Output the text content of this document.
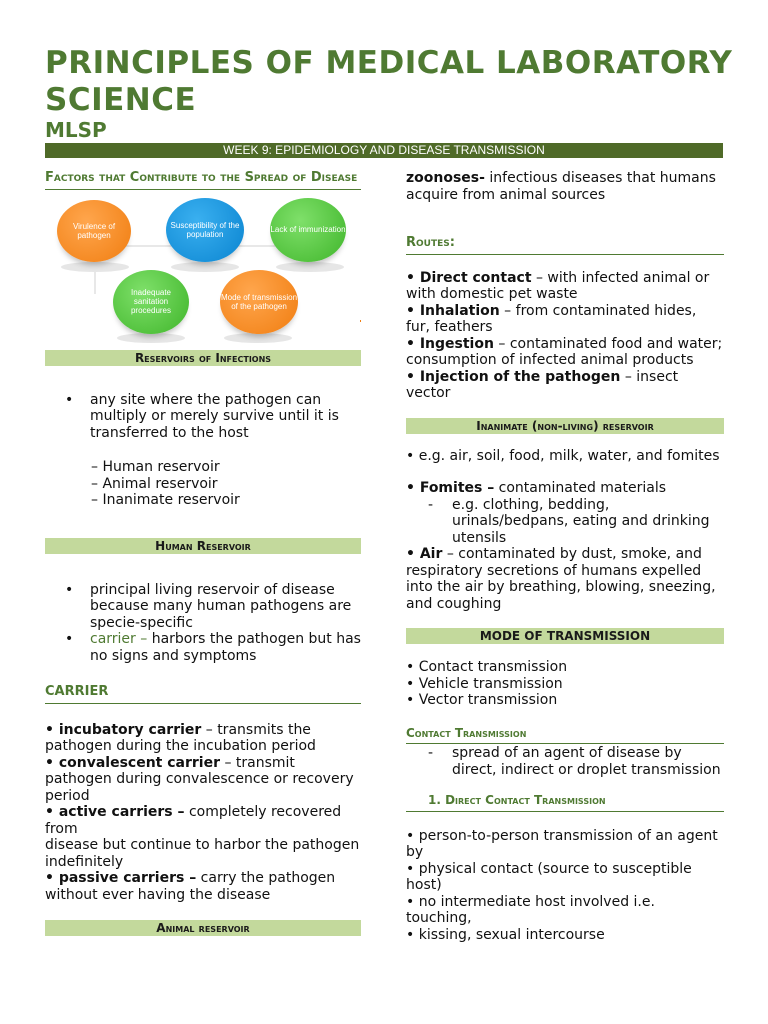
PRINCIPLES OF MEDICAL LABORATORY
SCIENCE
MLSP
WEEK 9: EPIDEMIOLOGY AND DISEASE TRANSMISSION
Factors that Contribute to the Spread of Disease
Virulence of pathogen
Susceptibility of the population	Lack of immunization
Inadequate sanitation procedures
Mode of transmission of the pathogen
Reservoirs of Infections

• any site where the pathogen can multiply or merely survive until it is transferred to the host

– Human reservoir

– Animal reservoir

– Inanimate reservoir

Human Reservoir

• principal living reservoir of disease because many human pathogens are specie-specific

• carrier – harbors the pathogen but has no signs and symptoms

CARRIER

• incubatory carrier – transmits the pathogen during the incubation period

• convalescent carrier – transmit pathogen during convalescence or recovery period

• active carriers – completely recovered from

disease but continue to harbor the pathogen indefinitely

• passive carriers – carry the pathogen without ever having the disease

Animal reservoir

zoonoses- infectious diseases that humans acquire from animal sources

Routes:

• Direct contact – with infected animal or with domestic pet waste

• Inhalation – from contaminated hides, fur, feathers

• Ingestion – contaminated food and water; consumption of infected animal products

• Injection of the pathogen – insect vector

Inanimate (non-living) reservoir

• e.g. air, soil, food, milk, water, and fomites

• Fomites – contaminated materials

- e.g. clothing, bedding, urinals/bedpans, eating and drinking utensils

• Air – contaminated by dust, smoke, and respiratory secretions of humans expelled into the air by breathing, blowing, sneezing, and coughing

MODE OF TRANSMISSION

• Contact transmission

• Vehicle transmission

• Vector transmission

Contact Transmission

- spread of an agent of disease by direct, indirect or droplet transmission

1. Direct Contact Transmission

• person-to-person transmission of an agent by

• physical contact (source to susceptible host)

• no intermediate host involved i.e. touching,

• kissing, sexual intercourse
